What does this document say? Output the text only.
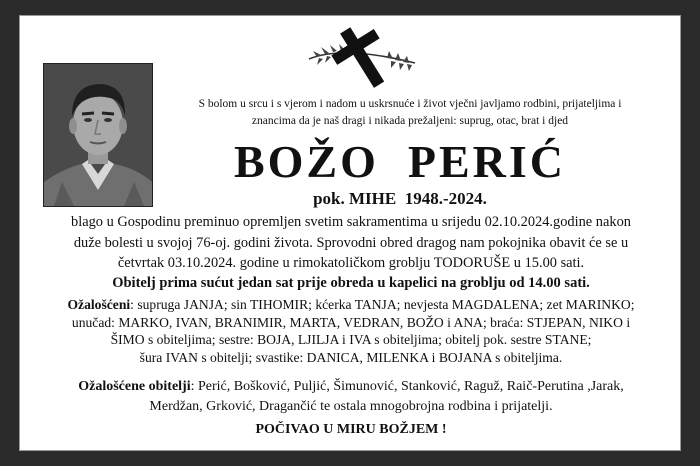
S bolom u srcu i s vjerom i nadom u uskrsnuće i život vječni javljamo rodbini, prijateljima i
znancima da je naš dragi i nikada prežaljeni: suprug, otac, brat i djed

BOŽO  PERIĆ

pok. MIHE  1948.-2024.

blago u Gospodinu preminuo opremljen svetim sakramentima u srijedu 02.10.2024.godine nakon
duže bolesti u svojoj 76-oj. godini života. Sprovodni obred dragog nam pokojnika obavit će se u
četvrtak 03.10.2024. godine u rimokatoličkom groblju TODORUŠE u 15.00 sati.

Obitelj prima sućut jedan sat prije obreda u kapelici na groblju od 14.00 sati.

Ožalošćeni: supruga JANJA; sin TIHOMIR; kćerka TANJA; nevjesta MAGDALENA; zet MARINKO;
unučad: MARKO, IVAN, BRANIMIR, MARTA, VEDRAN, BOŽO i ANA; braća: STJEPAN, NIKO i
ŠIMO s obiteljima; sestre: BOJA, LJILJA i IVA s obiteljima; obitelj pok. sestre STANE;
šura IVAN s obitelji; svastike: DANICA, MILENKA i BOJANA s obiteljima.

Ožalošćene obitelji: Perić, Bošković, Puljić, Šimunović, Stanković, Raguž, Raič-Perutina ,Jarak,
Merdžan, Grković, Dragančić te ostala mnogobrojna rodbina i prijatelji.

POČIVAO U MIRU BOŽJEM !
